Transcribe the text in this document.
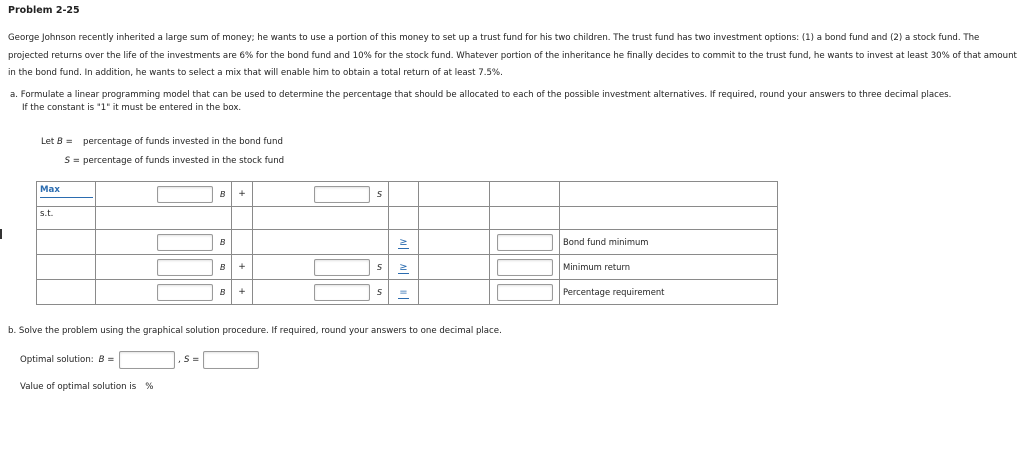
Problem 2-25
George Johnson recently inherited a large sum of money; he wants to use a portion of this money to set up a trust fund for his two children. The trust fund has two investment options: (1) a bond fund and (2) a stock fund. The projected returns over the life of the investments are 6% for the bond fund and 10% for the stock fund. Whatever portion of the inheritance he finally decides to commit to the trust fund, he wants to invest at least 30% of that amount in the bond fund. In addition, he wants to select a mix that will enable him to obtain a total return of at least 7.5%.
a. Formulate a linear programming model that can be used to determine the percentage that should be allocated to each of the possible investment alternatives. If required, round your answers to three decimal places.
If the constant is "1" it must be entered in the box.
Let B =	percentage of funds invested in the bond fund
S = percentage of funds invested in the stock fund
Max	B	+	S				

s.t.							

	B			≥			Bond fund minimum

	B	+	S	≥			Minimum return

	B	+	S	=			Percentage requirement
b. Solve the problem using the graphical solution procedure. If required, round your answers to one decimal place.
Optimal solution: B =	, S =
Value of optimal solution is %
